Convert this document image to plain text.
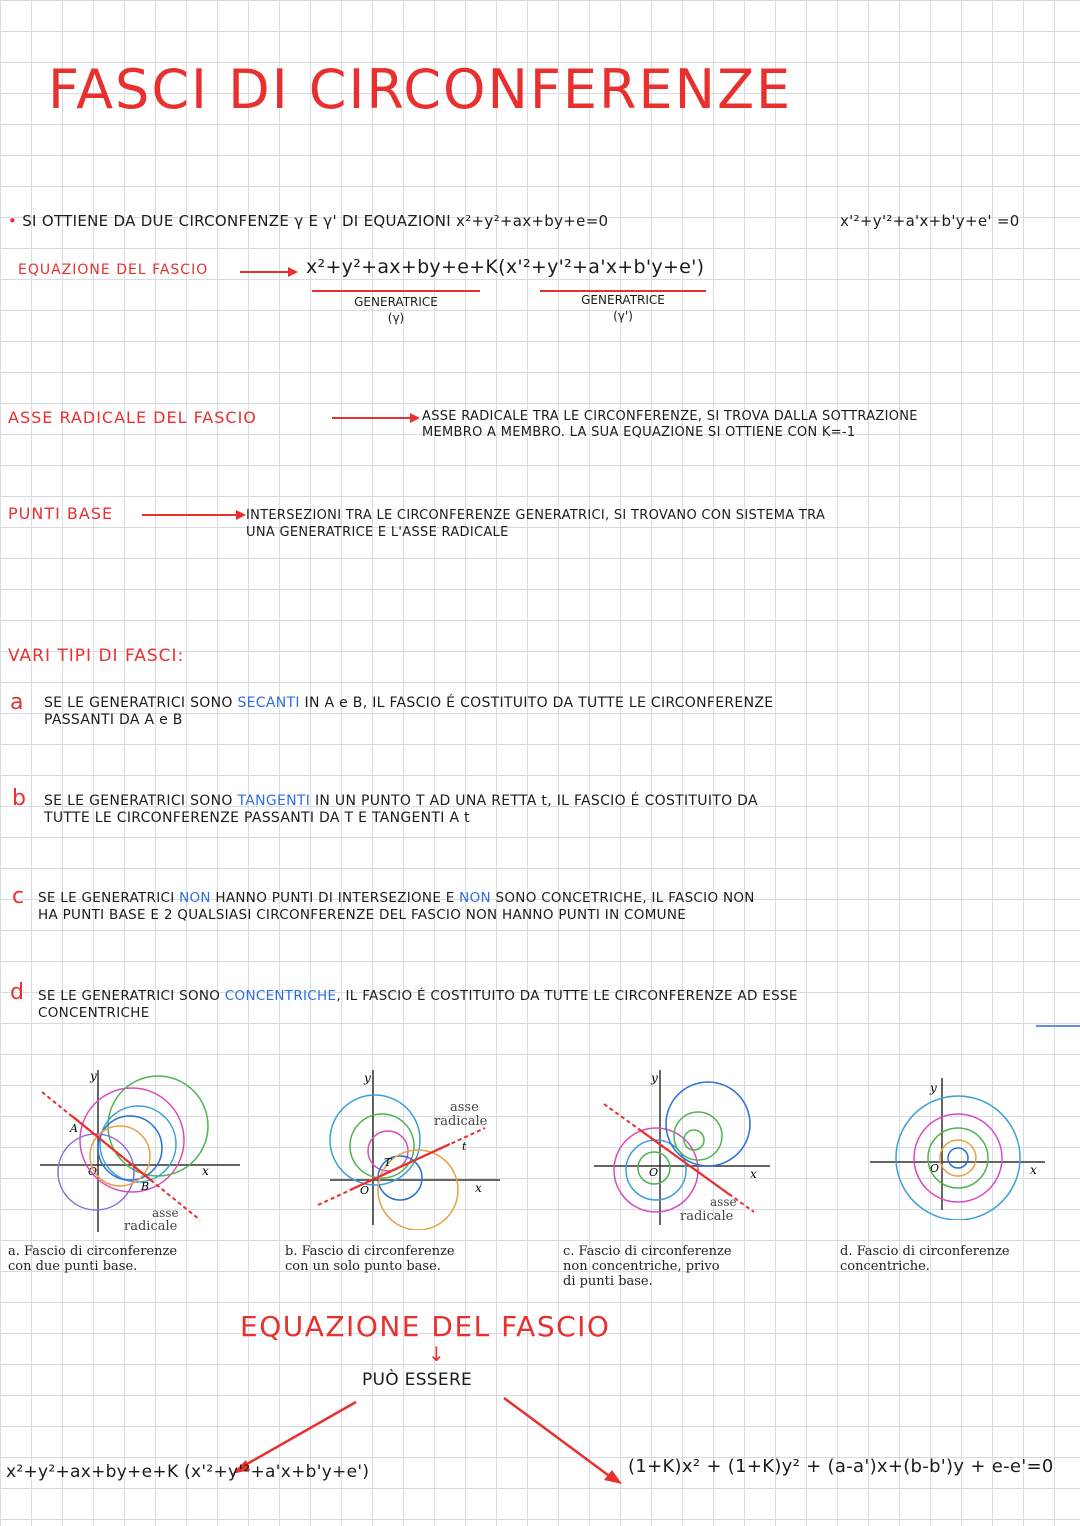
FASCI DI CIRCONFERENZE
• SI OTTIENE DA DUE CIRCONFENZE γ E γ' DI EQUAZIONI x²+y²+ax+by+e=0	x'²+y'²+a'x+b'y+e' =0
EQUAZIONE DEL FASCIO	x²+y²+ax+by+e+K(x'²+y'²+a'x+b'y+e')
GENERATRICE
(γ)
GENERATRICE
(γ')
ASSE RADICALE DEL FASCIO	ASSE RADICALE TRA LE CIRCONFERENZE, SI TROVA DALLA SOTTRAZIONE
MEMBRO A MEMBRO. LA SUA EQUAZIONE SI OTTIENE CON K=-1
PUNTI BASE	INTERSEZIONI TRA LE CIRCONFERENZE GENERATRICI, SI TROVANO CON SISTEMA TRA
UNA GENERATRICE E L'ASSE RADICALE
VARI TIPI DI FASCI:
a SE LE GENERATRICI SONO SECANTI IN A e B, IL FASCIO É COSTITUITO DA TUTTE LE CIRCONFERENZE
PASSANTI DA A e B
b SE LE GENERATRICI SONO TANGENTI IN UN PUNTO T AD UNA RETTA t, IL FASCIO É COSTITUITO DA
TUTTE LE CIRCONFERENZE PASSANTI DA T E TANGENTI A t
c SE LE GENERATRICI NON HANNO PUNTI DI INTERSEZIONE E NON SONO CONCETRICHE, IL FASCIO NON
HA PUNTI BASE E 2 QUALSIASI CIRCONFERENZE DEL FASCIO NON HANNO PUNTI IN COMUNE
d SE LE GENERATRICI SONO CONCENTRICHE, IL FASCIO É COSTITUITO DA TUTTE LE CIRCONFERENZE AD ESSE
CONCENTRICHE
y
x
O
A
B
asse
radicale
a. Fascio di circonferenze
con due punti base.
y
x
O
T
t
asse
radicale
b. Fascio di circonferenze
con un solo punto base.
y
x
O
asse
radicale
c. Fascio di circonferenze
non concentriche, privo
di punti base.
y
x
O
d. Fascio di circonferenze
concentriche.
EQUAZIONE DEL FASCIO
↓
PUÒ ESSERE
x²+y²+ax+by+e+K (x'²+y'²+a'x+b'y+e')	(1+K)x² + (1+K)y² + (a-a')x+(b-b')y + e-e'=0
